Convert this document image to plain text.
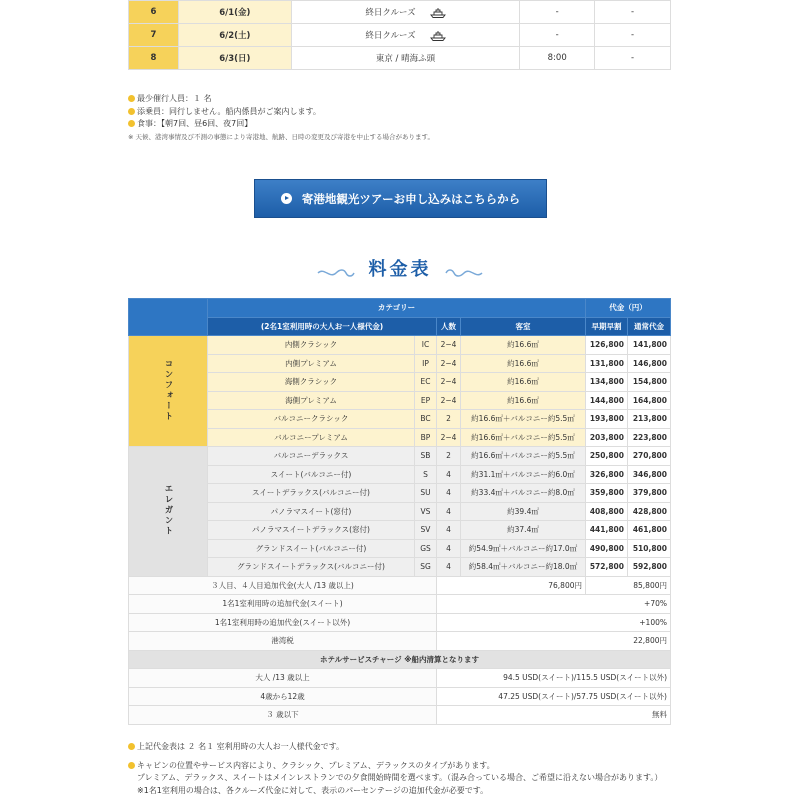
6	6/1(金)	終日クルーズ	-	-
7	6/2(土)	終日クルーズ	-	-
8	6/3(日)	東京 / 晴海ふ頭	8:00	-
最少催行人員：１ 名
添乗員：同行しません。船内係員がご案内します。
食事：【朝7回、昼6回、夜7回】
※ 天候、港湾事情及び不測の事態により寄港地、航路、日時の変更及び寄港を中止する場合があります。
寄港地観光ツアーお申し込みはこちらから
料金表
	カテゴリー				代金（円）	
	(2名1室利用時の大人お一人様代金)		人数	客室	早期早割	通常代金
コンフォート	内側クラシック	IC	2−4	約16.6㎡	126,800	141,800
	内側プレミアム	IP	2−4	約16.6㎡	131,800	146,800
	海側クラシック	EC	2−4	約16.6㎡	134,800	154,800
	海側プレミアム	EP	2−4	約16.6㎡	144,800	164,800
	バルコニークラシック	BC	2	約16.6㎡＋バルコニー約5.5㎡	193,800	213,800
	バルコニープレミアム	BP	2−4	約16.6㎡＋バルコニー約5.5㎡	203,800	223,800
エレガント	バルコニーデラックス	SB	2	約16.6㎡＋バルコニー約5.5㎡	250,800	270,800
	スイート(バルコニー付)	S	4	約31.1㎡＋バルコニー約6.0㎡	326,800	346,800
	スイートデラックス(バルコニー付)	SU	4	約33.4㎡＋バルコニー約8.0㎡	359,800	379,800
	パノラマスイート(窓付)	VS	4	約39.4㎡	408,800	428,800
	パノラマスイートデラックス(窓付)	SV	4	約37.4㎡	441,800	461,800
	グランドスイート(バルコニー付)	GS	4	約54.9㎡＋バルコニー約17.0㎡	490,800	510,800
	グランドスイートデラックス(バルコニー付)	SG	4	約58.4㎡＋バルコニー約18.0㎡	572,800	592,800
３人目、４人目追加代金(大人 /13 歳以上)			76,800円		85,800円	
1名1室利用時の追加代金(スイート)			+70%			
1名1室利用時の追加代金(スイート以外)			+100%			
港湾税			22,800円			
ホテルサービスチャージ ※船内清算となります						
大人 /13 歳以上			94.5 USD(スイート)/115.5 USD(スイート以外)			
4歳から12歳			47.25 USD(スイート)/57.75 USD(スイート以外)			
３ 歳以下			無料			
上記代金表は ２ 名１ 室利用時の大人お一人様代金です。
キャビンの位置やサービス内容により、クラシック、プレミアム、デラックスのタイプがあります。
プレミアム、デラックス、スイートはメインレストランでの夕食開始時間を選べます。（混み合っている場合、ご希望に沿えない場合があります。）
※1名1室利用の場合は、各クルーズ代金に対して、表示のパーセンテージの追加代金が必要です。
